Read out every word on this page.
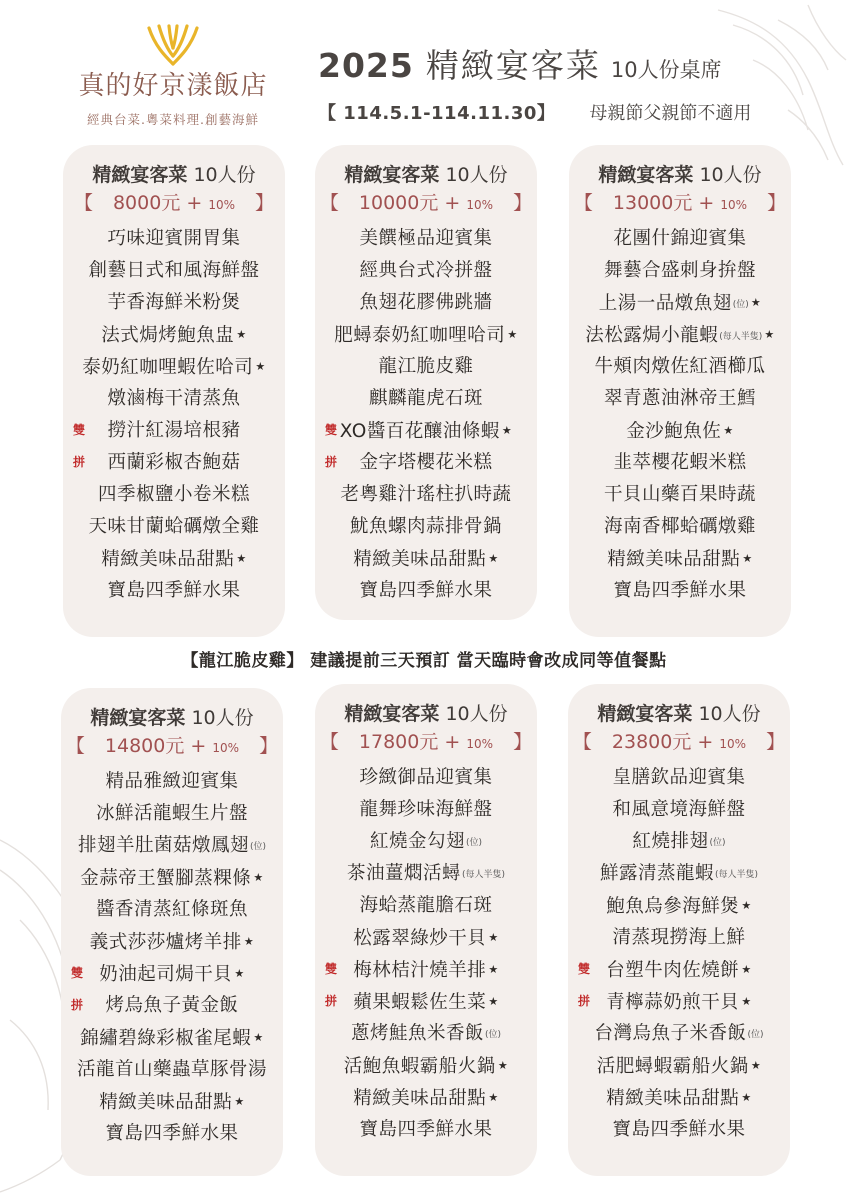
真的好京漾飯店
經典台菜.粵菜料理.創藝海鮮
2025 精緻宴客菜 10人份桌席
【 114.5.1-114.11.30】 母親節父親節不適用
精緻宴客菜 10人份
【 8000元 + 10% 】
巧味迎賓開胃集
創藝日式和風海鮮盤
芋香海鮮米粉煲
法式焗烤鮑魚盅 ★
泰奶紅咖哩蝦佐哈司 ★
燉滷梅干清蒸魚
雙 撈汁紅湯培根豬
拼 西蘭彩椒杏鮑菇
四季椒鹽小卷米糕
天味甘蘭蛤礪燉全雞
精緻美味品甜點 ★
寶島四季鮮水果
精緻宴客菜 10人份
【 10000元 + 10% 】
美饌極品迎賓集
經典台式冷拼盤
魚翅花膠佛跳牆
肥蟳泰奶紅咖哩哈司 ★
龍江脆皮雞
麒麟龍虎石斑
雙 XO醬百花釀油條蝦 ★
拼 金字塔櫻花米糕
老粵雞汁瑤柱扒時蔬
魷魚螺肉蒜排骨鍋
精緻美味品甜點 ★
寶島四季鮮水果
精緻宴客菜 10人份
【 13000元 + 10% 】
花團什錦迎賓集
舞藝合盛刺身拚盤
上湯一品燉魚翅(位) ★
法松露焗小龍蝦(每人半隻) ★
牛頰肉燉佐紅酒櫛瓜
翠青蔥油淋帝王鱈
金沙鮑魚佐 ★
韭萃櫻花蝦米糕
干貝山藥百果時蔬
海南香椰蛤礪燉雞
精緻美味品甜點 ★
寶島四季鮮水果
精緻宴客菜 10人份
【 14800元 + 10% 】
精品雅緻迎賓集
冰鮮活龍蝦生片盤
排翅羊肚菌菇燉鳳翅(位)
金蒜帝王蟹腳蒸粿條 ★
醬香清蒸紅條斑魚
義式莎莎爐烤羊排 ★
雙 奶油起司焗干貝 ★
拼 烤烏魚子黃金飯
錦繡碧綠彩椒雀尾蝦 ★
活龍首山藥蟲草豚骨湯
精緻美味品甜點 ★
寶島四季鮮水果
精緻宴客菜 10人份
【 17800元 + 10% 】
珍緻御品迎賓集
龍舞珍味海鮮盤
紅燒金勾翅(位)
茶油薑燜活蟳(每人半隻)
海蛤蒸龍膽石斑
松露翠綠炒干貝 ★
雙 梅林桔汁燒羊排 ★
拼 蘋果蝦鬆佐生菜 ★
蔥烤鮭魚米香飯(位)
活鮑魚蝦霸船火鍋 ★
精緻美味品甜點 ★
寶島四季鮮水果
精緻宴客菜 10人份
【 23800元 + 10% 】
皇膳欽品迎賓集
和風意境海鮮盤
紅燒排翅(位)
鮮露清蒸龍蝦(每人半隻)
鮑魚烏參海鮮煲 ★
清蒸現撈海上鮮
雙 台塑牛肉佐燒餅 ★
拼 青檸蒜奶煎干貝 ★
台灣烏魚子米香飯(位)
活肥蟳蝦霸船火鍋 ★
精緻美味品甜點 ★
寶島四季鮮水果
【龍江脆皮雞】 建議提前三天預訂 當天臨時會改成同等值餐點
